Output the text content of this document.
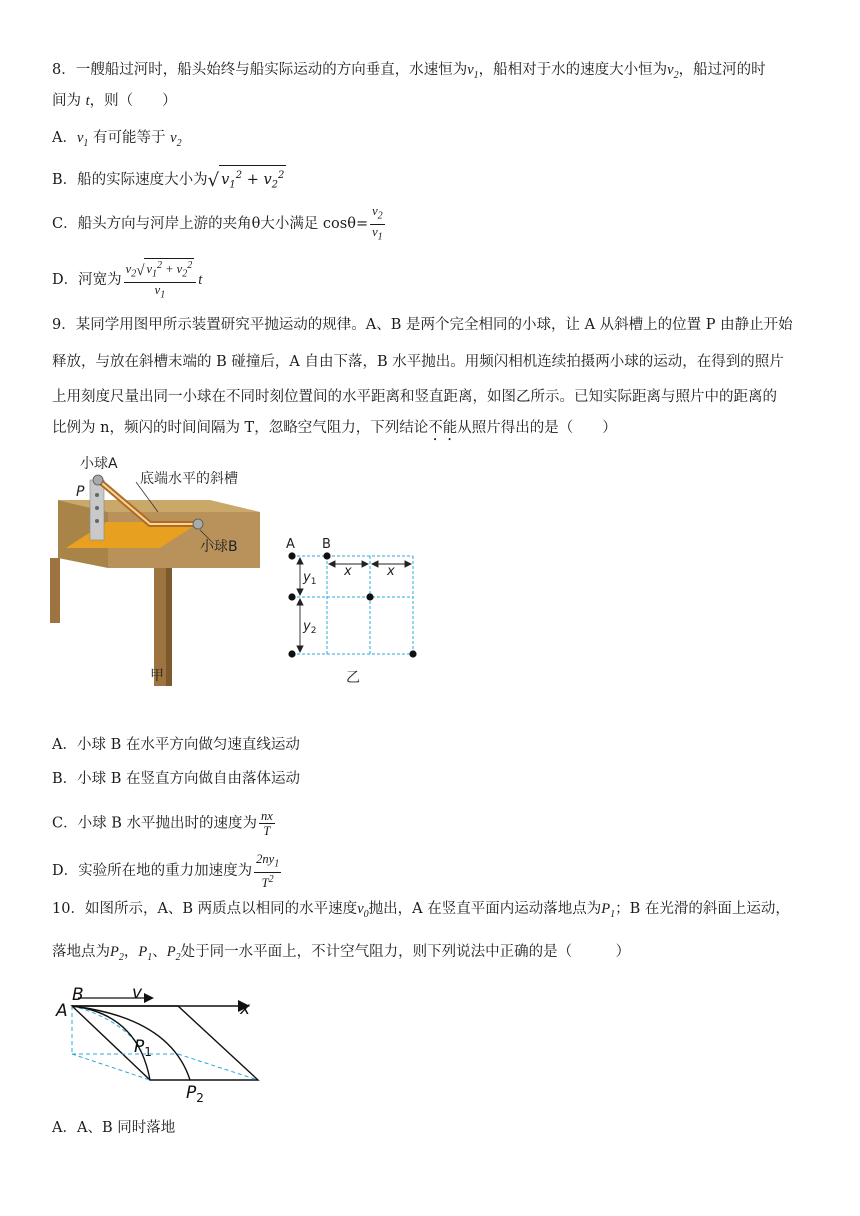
8．一艘船过河时，船头始终与船实际运动的方向垂直，水速恒为$v_1$，船相对于水的速度大小恒为$v_2$，船过河的时
间为 t，则（　　）
A．$v_1$ 有可能等于 $v_2$
B．船的实际速度大小为√ $v_1^2 + v_2^2$
C．船头方向与河岸上游的夹角θ大小满足 $\cos\theta= \frac{v_2}{v_1}$
D．河宽为 $\frac{v_2√ v_1^2 + v_2^2}{v_1}$ t
9．某同学用图甲所示装置研究平抛运动的规律。A、B 是两个完全相同的小球，让 A 从斜槽上的位置 P 由静止开始
释放，与放在斜槽末端的 B 碰撞后，A 自由下落，B 水平抛出。用频闪相机连续拍摄两小球的运动，在得到的照片
上用刻度尺量出同一小球在不同时刻位置间的水平距离和竖直距离，如图乙所示。已知实际距离与照片中的距离的
比例为 n，频闪的时间间隔为 T，忽略空气阻力，下列结论不能从照片得出的是（　　）
小球A
P
底端水平的斜槽
小球B
甲
A B
x	x
$y_1$
$y_2$
乙
A．小球 B 在水平方向做匀速直线运动
B．小球 B 在竖直方向做自由落体运动
C．小球 B 水平抛出时的速度为 $\frac{nx}{T}$
D．实验所在地的重力加速度为 $\frac{2ny_1}{T^2}$
10．如图所示，A、B 两质点以相同的水平速度$v_0$抛出，A 在竖直平面内运动落地点为$P_1$；B 在光滑的斜面上运动，
落地点为$P_2$，$P_1$、$P_2$处于同一水平面上，不计空气阻力，则下列说法中正确的是（　　　）
A
B	v
x
$P_1$
$P_2$
A．A、B 同时落地
